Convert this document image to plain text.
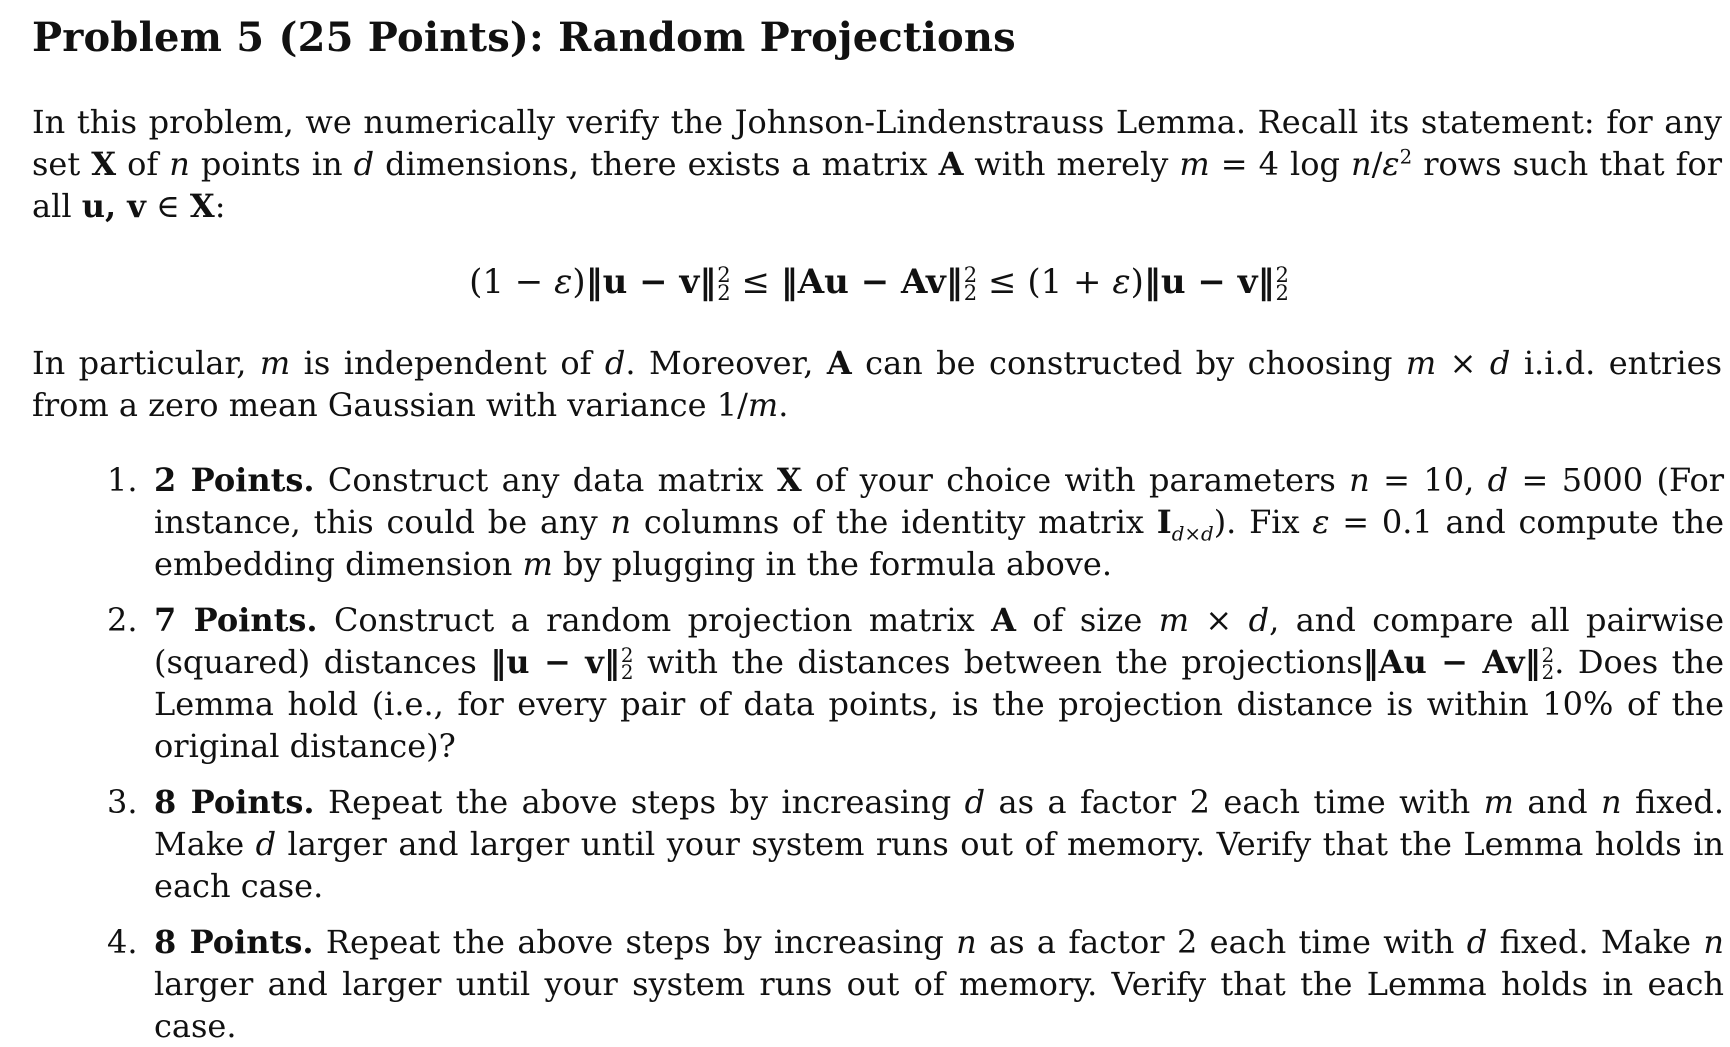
Problem 5 (25 Points): Random Projections

In this problem, we numerically verify the Johnson-Lindenstrauss Lemma. Recall its statement: for any set X of n points in d dimensions, there exists a matrix A with merely m = 4 $\log n/\varepsilon^2$ rows such that for all u, v ∈ X:

(1 − ε)‖u − v‖ 2
2 ≤ ‖Au − Av‖ 2
2 ≤ (1 + ε)‖u − v‖ 2
2

In particular, m is independent of d. Moreover, A can be constructed by choosing m × d i.i.d. entries from a zero mean Gaussian with variance 1/m.

1. 2 Points. Construct any data matrix X of your choice with parameters n = 10, d = 5000 (For instance, this could be any n columns of the identity matrix $I_{d\times d}$). Fix ε = 0.1 and compute the embedding dimension m by plugging in the formula above.
2. 7 Points. Construct a random projection matrix A of size m × d, and compare all pairwise (squared) distances ‖u − v‖ 2
2 with the distances between the projections‖Au − Av‖ 2
2 . Does the Lemma hold (i.e., for every pair of data points, is the projection distance is within 10% of the original distance)?
3. 8 Points. Repeat the above steps by increasing d as a factor 2 each time with m and n fixed. Make d larger and larger until your system runs out of memory. Verify that the Lemma holds in each case.
4. 8 Points. Repeat the above steps by increasing n as a factor 2 each time with d fixed. Make n larger and larger until your system runs out of memory. Verify that the Lemma holds in each case.
